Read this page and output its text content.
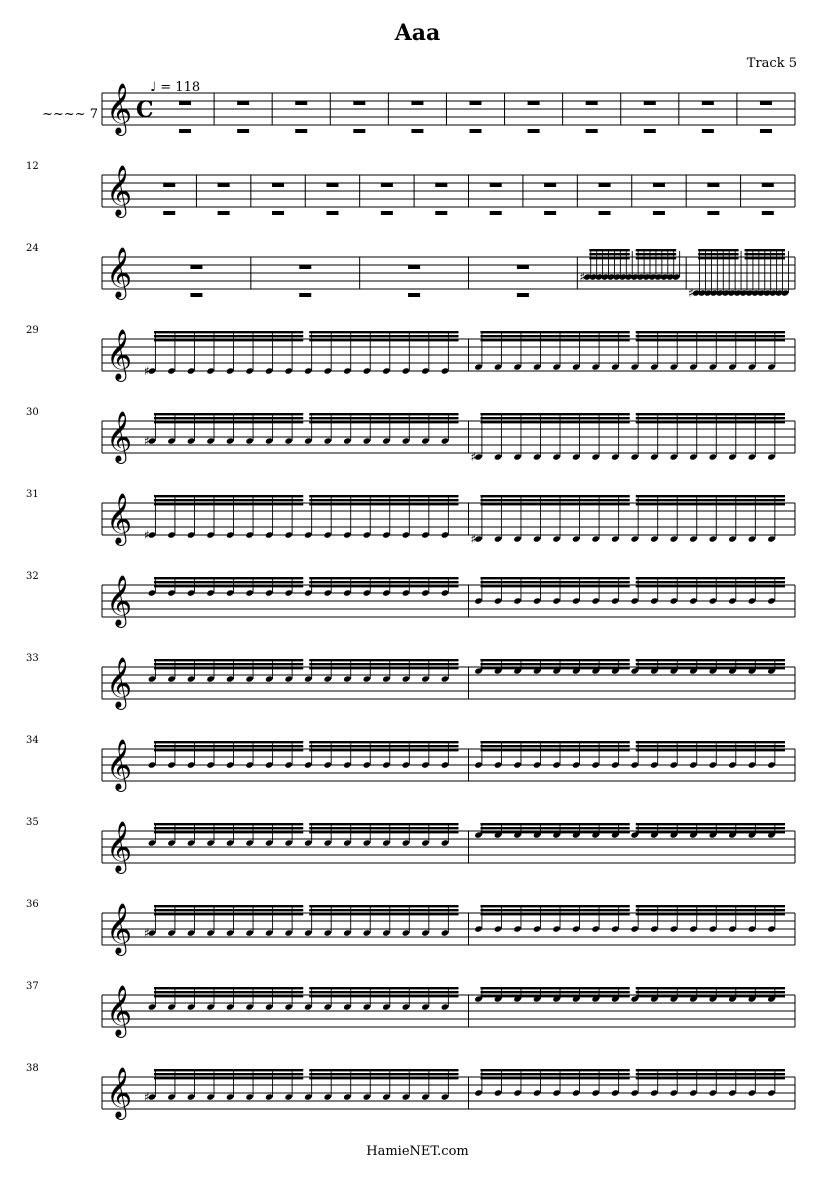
Aaa
Track 5
~~~~ 7
♩ = 118
𝄞 C
𝄞
12
𝄞
24
♯
♯
𝄞
29
♯
𝄞
30
♯
♯
𝄞
31
♯	♯
𝄞
32
𝄞
33
𝄞
34
𝄞
35
𝄞
36
♯
𝄞
37
𝄞
38
♯
HamieNET.com
